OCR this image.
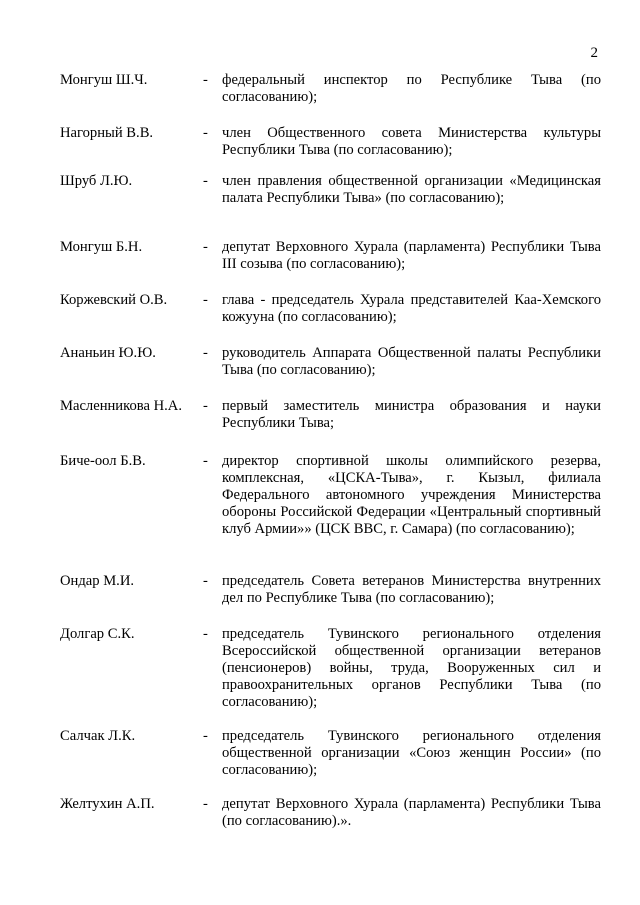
2
Монгуш Ш.Ч.	- федеральный инспектор по Республике Тыва (по согласованию);
Нагорный В.В.	- член Общественного совета Министерства культуры Республики Тыва (по согласованию);
Шруб Л.Ю.	- член правления общественной организации «Медицинская палата Республики Тыва» (по согласованию);
Монгуш Б.Н.	- депутат Верховного Хурала (парламента) Республики Тыва III созыва (по согласованию);
Коржевский О.В. - глава - председатель Хурала представителей Каа-Хемского кожууна (по согласованию);
Ананьин Ю.Ю.	- руководитель Аппарата Общественной палаты Республики Тыва (по согласованию);
Масленникова Н.А. - первый заместитель министра образования и науки Республики Тыва;
Биче-оол Б.В.	- директор спортивной школы олимпийского резерва, комплексная, «ЦСКА-Тыва», г. Кызыл, филиала Федерального автономного учреждения Министерства обороны Российской Федерации «Центральный спортивный клуб Армии»» (ЦСК ВВС, г. Самара) (по согласованию);
Ондар М.И.	- председатель Совета ветеранов Министерства внутренних дел по Республике Тыва (по согласованию);
Долгар С.К.	- председатель Тувинского регионального отделения Всероссийской общественной организации ветеранов (пенсионеров) войны, труда, Вооруженных сил и правоохранительных органов Республики Тыва (по согласованию);
Салчак Л.К.	- председатель Тувинского регионального отделения общественной организации «Союз женщин России» (по согласованию);
Желтухин А.П.	- депутат Верховного Хурала (парламента) Республики Тыва (по согласованию).».
